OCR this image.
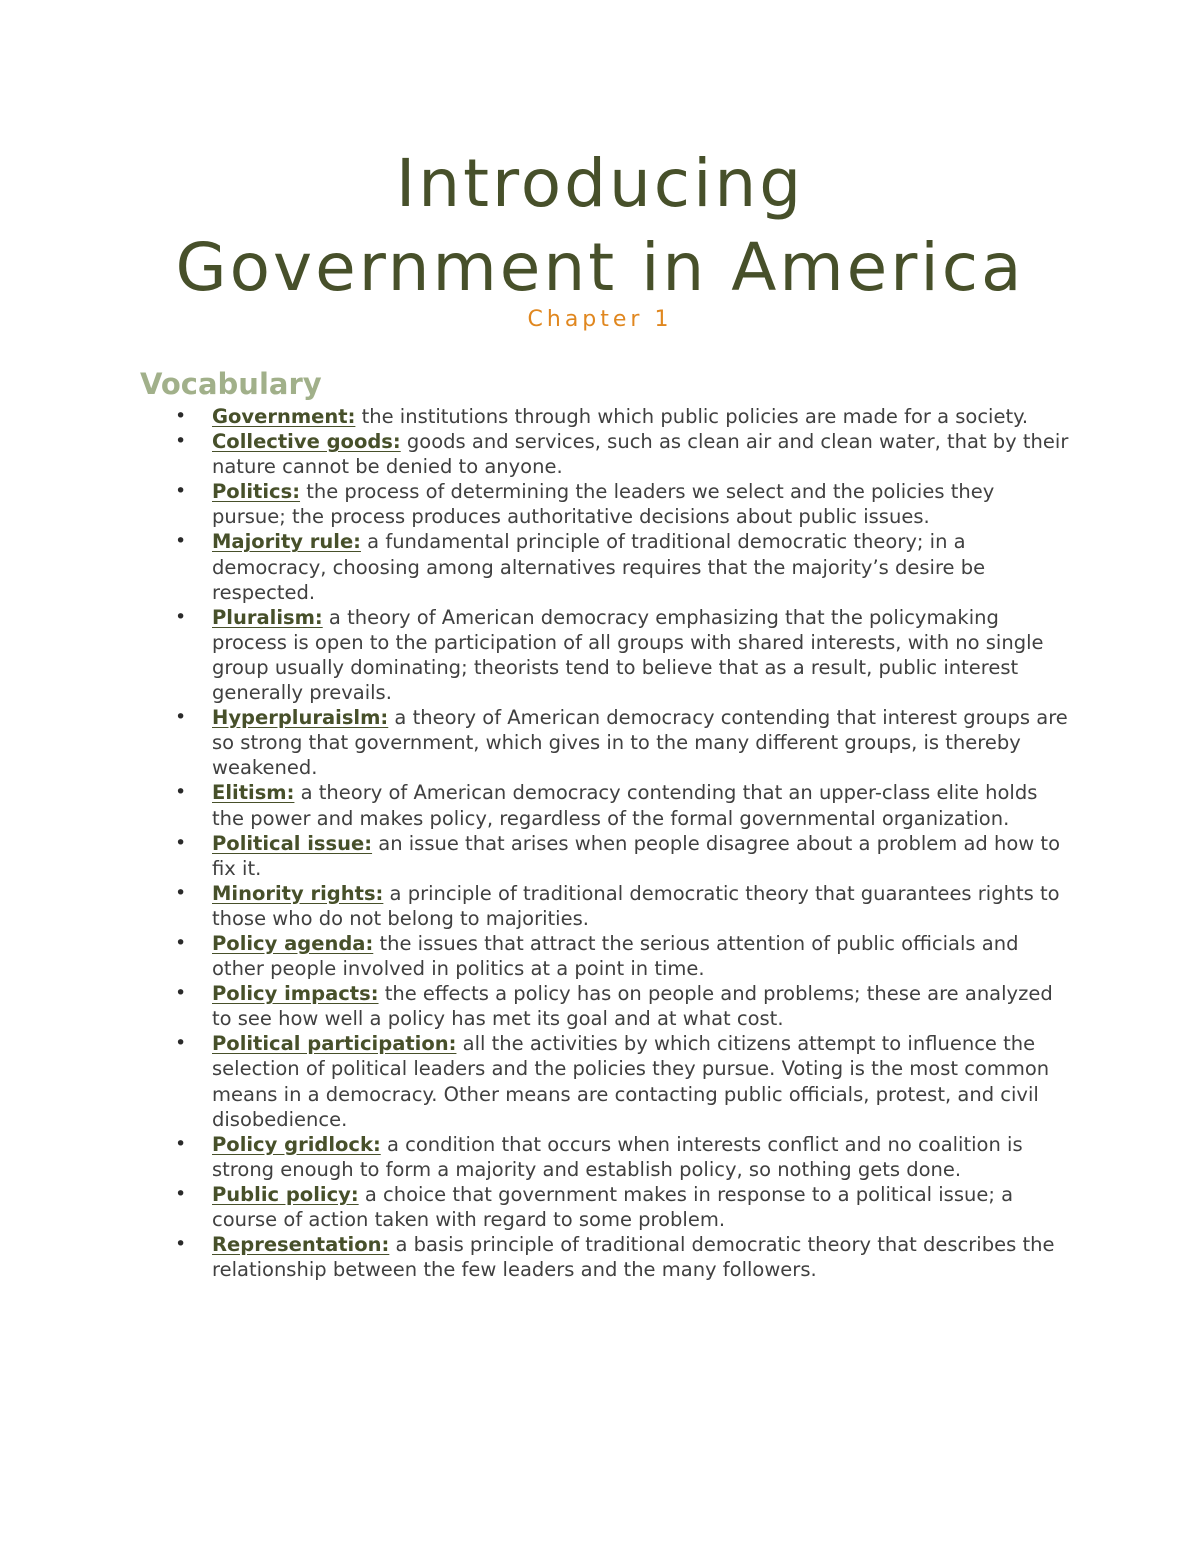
Introducing
Government in America

Chapter 1

Vocabulary
• Government: the institutions through which public policies are made for a society.
• Collective goods: goods and services, such as clean air and clean water, that by their nature cannot be denied to anyone.
• Politics: the process of determining the leaders we select and the policies they pursue; the process produces authoritative decisions about public issues.
• Majority rule: a fundamental principle of traditional democratic theory; in a democracy, choosing among alternatives requires that the majority’s desire be respected.
• Pluralism: a theory of American democracy emphasizing that the policymaking process is open to the participation of all groups with shared interests, with no single group usually dominating; theorists tend to believe that as a result, public interest generally prevails.
• Hyperpluraislm: a theory of American democracy contending that interest groups are so strong that government, which gives in to the many different groups, is thereby weakened.
• Elitism: a theory of American democracy contending that an upper-class elite holds the power and makes policy, regardless of the formal governmental organization.
• Political issue: an issue that arises when people disagree about a problem ad how to fix it.
• Minority rights: a principle of traditional democratic theory that guarantees rights to those who do not belong to majorities.
• Policy agenda: the issues that attract the serious attention of public officials and other people involved in politics at a point in time.
• Policy impacts: the effects a policy has on people and problems; these are analyzed to see how well a policy has met its goal and at what cost.
• Political participation: all the activities by which citizens attempt to influence the selection of political leaders and the policies they pursue. Voting is the most common means in a democracy. Other means are contacting public officials, protest, and civil disobedience.
• Policy gridlock: a condition that occurs when interests conflict and no coalition is strong enough to form a majority and establish policy, so nothing gets done.
• Public policy: a choice that government makes in response to a political issue; a course of action taken with regard to some problem.
• Representation: a basis principle of traditional democratic theory that describes the relationship between the few leaders and the many followers.
